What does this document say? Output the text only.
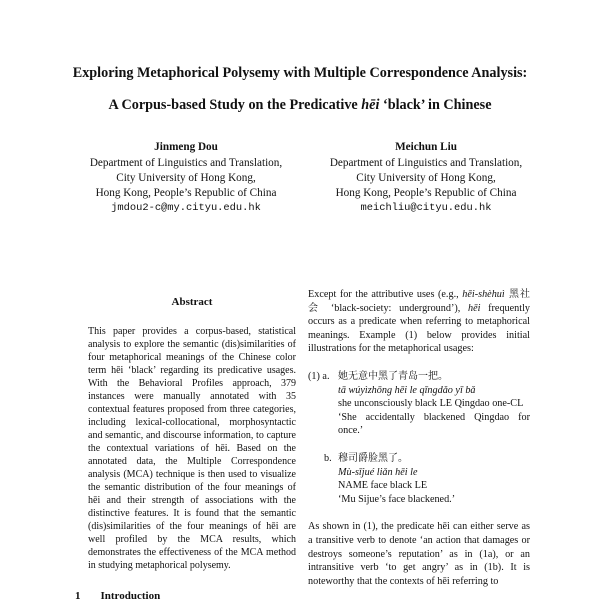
Exploring Metaphorical Polysemy with Multiple Correspondence Analysis:
A Corpus-based Study on the Predicative hēi ‘black’ in Chinese
Jinmeng Dou
Department of Linguistics and Translation,
City University of Hong Kong,
Hong Kong, People’s Republic of China
jmdou2-c@my.cityu.edu.hk
Meichun Liu
Department of Linguistics and Translation,
City University of Hong Kong,
Hong Kong, People’s Republic of China
meichliu@cityu.edu.hk
Abstract

This paper provides a corpus-based, statistical analysis to explore the semantic (dis)similarities of four metaphorical meanings of the Chinese color term hēi ‘black’ regarding its predicative usages. With the Behavioral Profiles approach, 379 instances were manually annotated with 35 contextual features proposed from three categories, including lexical-collocational, morphosyntactic and semantic, and discourse information, to capture the contextual variations of hēi. Based on the annotated data, the Multiple Correspondence analysis (MCA) technique is then used to visualize the semantic distribution of the four meanings of hēi and their strength of associations with the distinctive features. It is found that the semantic (dis)similarities of the four meanings of hēi are well profiled by the MCA results, which demonstrates the effectiveness of the MCA method in studying metaphorical polysemy.

1 Introduction

Except for the attributive uses (e.g., hēi-shèhuì 黑社会 ‘black-society: underground’), hēi frequently occurs as a predicate when referring to metaphorical meanings. Example (1) below provides initial illustrations for the metaphorical usages:

(1) a. 她无意中黑了青岛一把。
tā wúyìzhōng hēi le qīngdǎo yī bǎ
she unconsciously black LE Qingdao one-CL
‘She accidentally blackened Qingdao for once.’
b. 穆司爵脸黑了。
Mù-sījué liǎn hēi le
NAME face black LE
‘Mu Sijue’s face blackened.’

As shown in (1), the predicate hēi can either serve as a transitive verb to denote ‘an action that damages or destroys someone’s reputation’ as in (1a), or an intransitive verb ‘to get angry’ as in (1b). It is noteworthy that the contexts of hēi referring to
